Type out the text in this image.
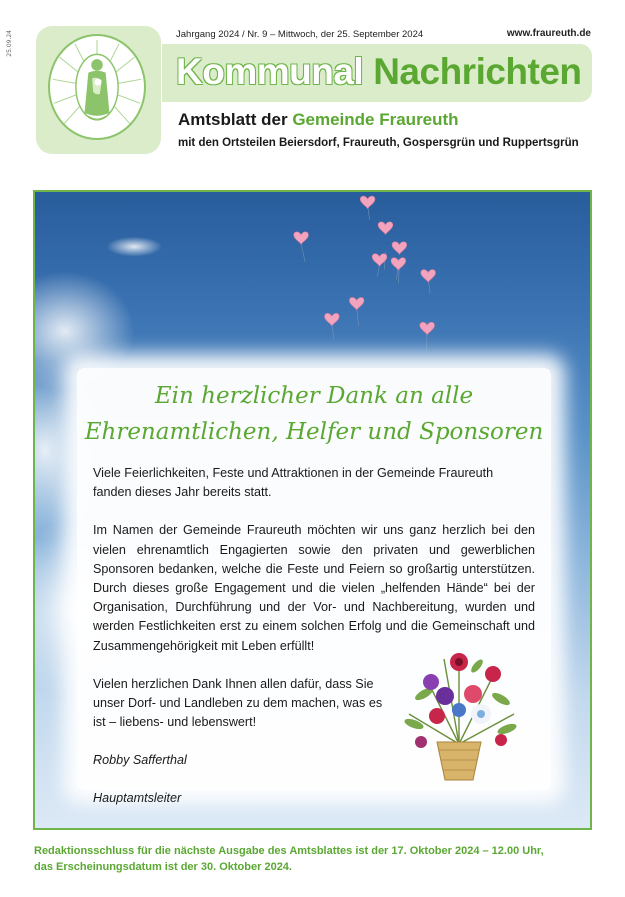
25.09.24	Jahrgang 2024 / Nr. 9 – Mittwoch, der 25. September 2024	www.fraureuth.de
Kommunal Nachrichten
Amtsblatt der Gemeinde Fraureuth
mit den Ortsteilen Beiersdorf, Fraureuth, Gospersgrün und Ruppertsgrün
Ein herzlicher Dank an alle
Ehrenamtlichen, Helfer und Sponsoren

Viele Feierlichkeiten, Feste und Attraktionen in der Gemeinde Fraureuth fanden dieses Jahr bereits statt.

Im Namen der Gemeinde Fraureuth möchten wir uns ganz herzlich bei den vielen ehrenamtlich Engagierten sowie den privaten und gewerblichen Sponsoren bedanken, welche die Feste und Feiern so großartig unterstützen. Durch dieses große Engagement und die vielen „helfenden Hände“ bei der Organisation, Durchführung und der Vor- und Nachbereitung, wurden und werden Festlichkeiten erst zu einem solchen Erfolg und die Gemeinschaft und Zusammengehörigkeit mit Leben erfüllt!

Vielen herzlichen Dank Ihnen allen dafür, dass Sie unser Dorf- und Landleben zu dem machen, was es ist – liebens- und lebenswert!

Robby Safferthal

Hauptamtsleiter

Redaktionsschluss für die nächste Ausgabe des Amtsblattes ist der 17. Oktober 2024 – 12.00 Uhr,
das Erscheinungsdatum ist der 30. Oktober 2024.
